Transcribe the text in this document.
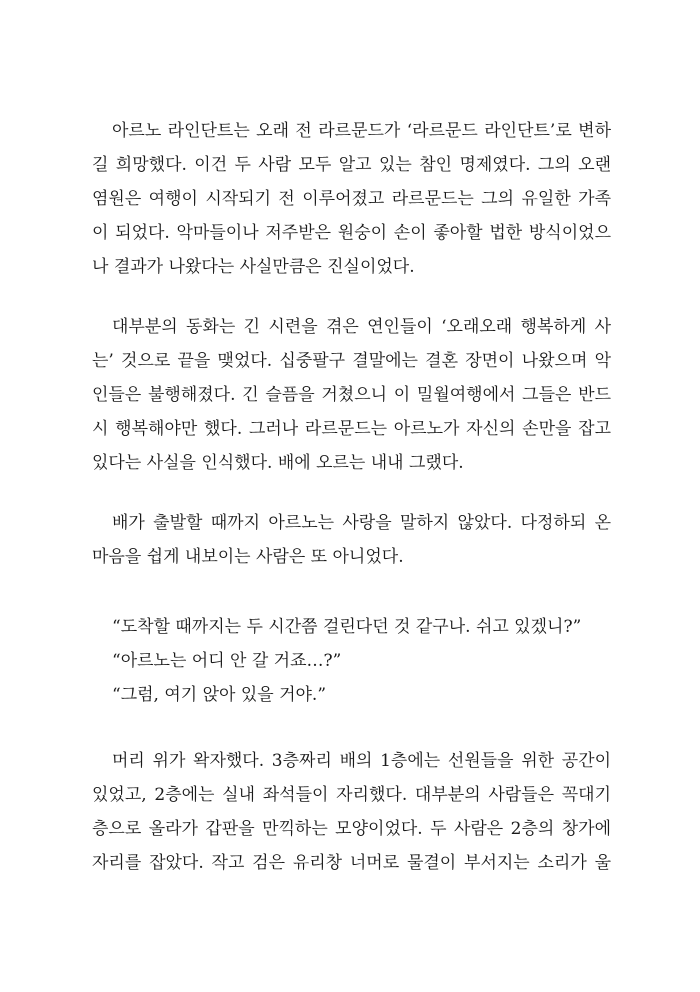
아르노 라인단트는 오래 전 라르문드가 ‘라르문드 라인단트’로 변하
길 희망했다. 이건 두 사람 모두 알고 있는 참인 명제였다. 그의 오랜
염원은 여행이 시작되기 전 이루어졌고 라르문드는 그의 유일한 가족
이 되었다. 악마들이나 저주받은 원숭이 손이 좋아할 법한 방식이었으
나 결과가 나왔다는 사실만큼은 진실이었다.
대부분의 동화는 긴 시련을 겪은 연인들이 ‘오래오래 행복하게 사
는’ 것으로 끝을 맺었다. 십중팔구 결말에는 결혼 장면이 나왔으며 악
인들은 불행해졌다. 긴 슬픔을 거쳤으니 이 밀월여행에서 그들은 반드
시 행복해야만 했다. 그러나 라르문드는 아르노가 자신의 손만을 잡고
있다는 사실을 인식했다. 배에 오르는 내내 그랬다.
배가 출발할 때까지 아르노는 사랑을 말하지 않았다. 다정하되 온
마음을 쉽게 내보이는 사람은 또 아니었다.
“도착할 때까지는 두 시간쯤 걸린다던 것 같구나. 쉬고 있겠니?”
“아르노는 어디 안 갈 거죠…?”
“그럼, 여기 앉아 있을 거야.”
머리 위가 왁자했다. 3층짜리 배의 1층에는 선원들을 위한 공간이
있었고, 2층에는 실내 좌석들이 자리했다. 대부분의 사람들은 꼭대기
층으로 올라가 갑판을 만끽하는 모양이었다. 두 사람은 2층의 창가에
자리를 잡았다. 작고 검은 유리창 너머로 물결이 부서지는 소리가 울
